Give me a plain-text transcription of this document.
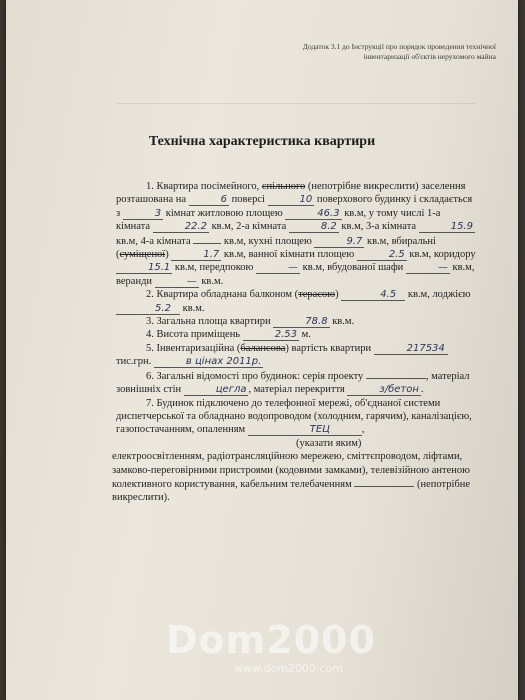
Додаток 3.1 до Інструкції про порядок проведення технічної
інвентаризації об'єктів нерухомого майна
Технічна характеристика квартири

1. Квартира посімейного, спільного (непотрібне викреслити) заселення розташована на	6 поверсі	10 поверхового будинку і складається з	3 кімнат житловою площею	46.3 кв.м, у тому числі 1-а кімната	22.2 кв.м, 2-а кімната	8.2 кв.м, 3-а кімната	15.9 кв.м, 4-а кімната	кв.м, кухні площею	9.7 кв.м, вбиральні (суміщеної)	1.7 кв.м, ванної кімнати площею	2.5 кв.м, коридору 15.1 кв.м, передпокою	— кв.м, вбудованої шафи	— кв.м, веранди	— кв.м.

2. Квартира обладнана балконом (терасою)	4.5 кв.м, лоджією 5.2 кв.м.

3. Загальна площа квартири	78.8 кв.м.

4. Висота приміщень	2.53 м.

5. Інвентаризаційна (балансова) вартість квартири	217534 тис.грн.	в цінах 2011р.

6. Загальні відомості про будинок: серія проекту	, матеріал зовнішніх стін	цегла , матеріал перекриття	з/бетон .

7. Будинок підключено до телефонної мережі, об'єднаної системи диспетчерської та обладнано водопроводом (холодним, гарячим), каналізацією, газопостачанням, опаленням	ТЕЦ	,

(указати яким)

електроосвітленням, радіотрансляційною мережею, сміттєпроводом, ліфтами, замково-переговірними пристроями (кодовими замками), телевізійною антеною колективного користування, кабельним телебаченням	(непотрібне викреслити).

Dom2000
www.dom2000.com
